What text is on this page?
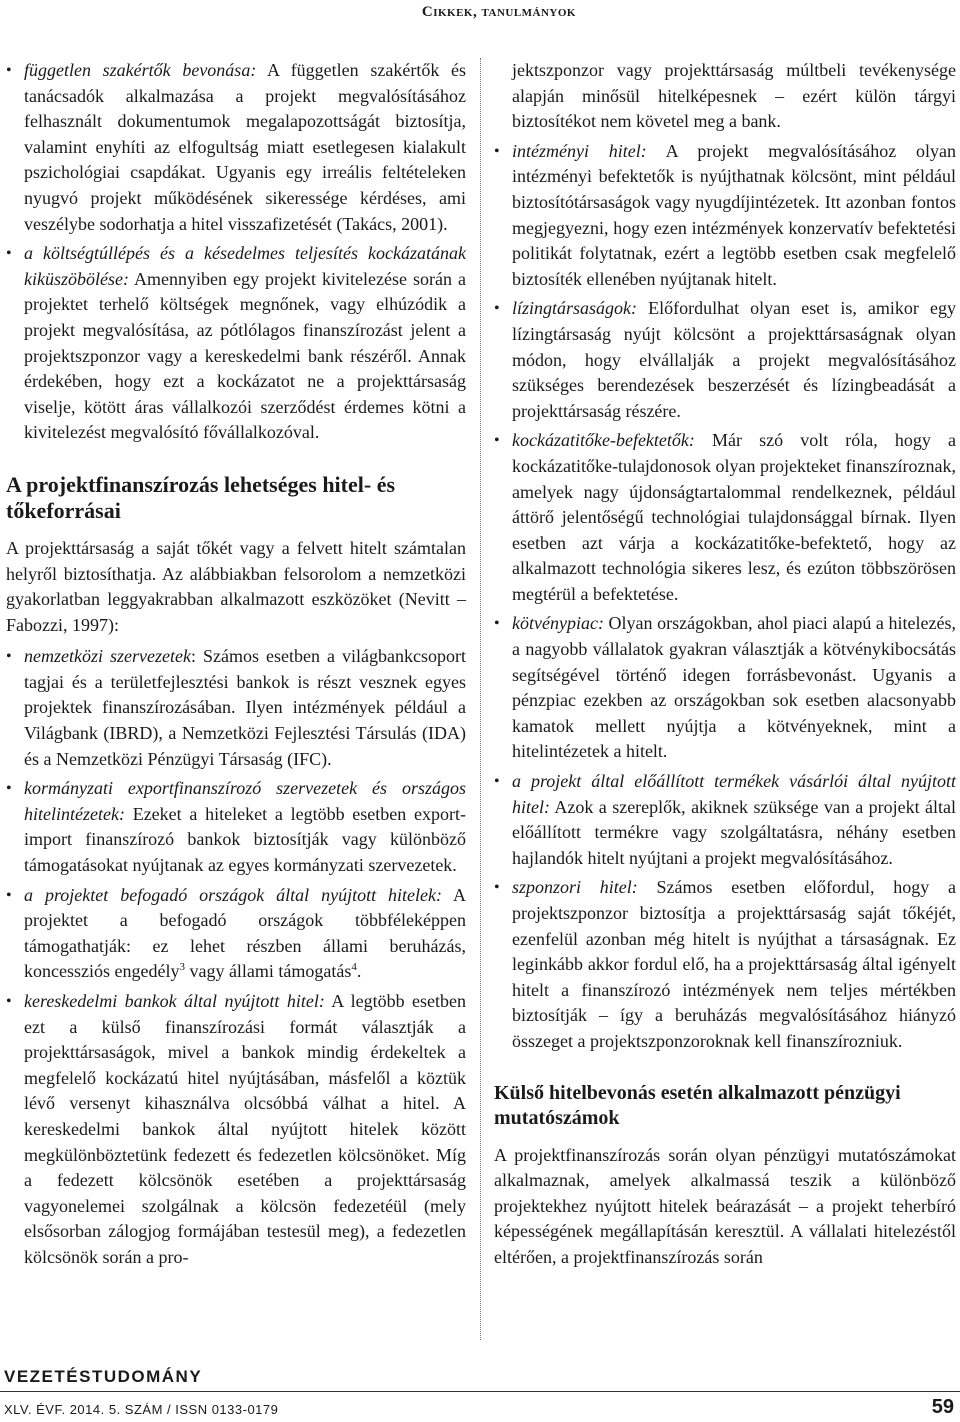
Cikkek, tanulmányok
• független szakértők bevonása: A független szakértők és tanácsadók alkalmazása a projekt megvalósításához felhasznált dokumentumok megalapozottságát biztosítja, valamint enyhíti az elfogultság miatt esetlegesen kialakult pszichológiai csapdákat. Ugyanis egy irreális feltételeken nyugvó projekt működésének sikeressége kérdéses, ami veszélybe sodorhatja a hitel visszafizetését (Takács, 2001).
• a költségtúllépés és a késedelmes teljesítés kockázatának kiküszöbölése: Amennyiben egy projekt kivitelezése során a projektet terhelő költségek megnőnek, vagy elhúzódik a projekt megvalósítása, az pótlólagos finanszírozást jelent a projektszponzor vagy a kereskedelmi bank részéről. Annak érdekében, hogy ezt a kockázatot ne a projekttársaság viselje, kötött áras vállalkozói szerződést érdemes kötni a kivitelezést megvalósító fővállalkozóval.
A projektfinanszírozás lehetséges hitel- és tőkeforrásai

A projekttársaság a saját tőkét vagy a felvett hitelt számtalan helyről biztosíthatja. Az alábbiakban felsorolom a nemzetközi gyakorlatban leggyakrabban alkalmazott eszközöket (Nevitt – Fabozzi, 1997):

• nemzetközi szervezetek: Számos esetben a világbankcsoport tagjai és a területfejlesztési bankok is részt vesznek egyes projektek finanszírozásában. Ilyen intézmények például a Világbank (IBRD), a Nemzetközi Fejlesztési Társulás (IDA) és a Nemzetközi Pénzügyi Társaság (IFC).
• kormányzati exportfinanszírozó szervezetek és országos hitelintézetek: Ezeket a hiteleket a legtöbb esetben export-import finanszírozó bankok biztosítják vagy különböző támogatásokat nyújtanak az egyes kormányzati szervezetek.
• a projektet befogadó országok által nyújtott hitelek: A projektet a befogadó országok többféleképpen támogathatják: ez lehet részben állami beruházás, koncessziós engedély$^3$ vagy állami támogatás$^4$.
• kereskedelmi bankok által nyújtott hitel: A legtöbb esetben ezt a külső finanszírozási formát választják a projekttársaságok, mivel a bankok mindig érdekeltek a megfelelő kockázatú hitel nyújtásában, másfelől a köztük lévő versenyt kihasználva olcsóbbá válhat a hitel. A kereskedelmi bankok által nyújtott hitelek között megkülönböztetünk fedezett és fedezetlen kölcsönöket. Míg a fedezett kölcsönök esetében a projekttársaság vagyonelemei szolgálnak a kölcsön fedezetéül (mely elsősorban zálogjog formájában testesül meg), a fedezetlen kölcsönök során a pro-
jektszponzor vagy projekttársaság múltbeli tevékenysége alapján minősül hitelképesnek – ezért külön tárgyi biztosítékot nem követel meg a bank.
• intézményi hitel: A projekt megvalósításához olyan intézményi befektetők is nyújthatnak kölcsönt, mint például biztosítótársaságok vagy nyugdíjintézetek. Itt azonban fontos megjegyezni, hogy ezen intézmények konzervatív befektetési politikát folytatnak, ezért a legtöbb esetben csak megfelelő biztosíték ellenében nyújtanak hitelt.
• lízingtársaságok: Előfordulhat olyan eset is, amikor egy lízingtársaság nyújt kölcsönt a projekttársaságnak olyan módon, hogy elvállalják a projekt megvalósításához szükséges berendezések beszerzését és lízingbeadását a projekttársaság részére.
• kockázatitőke-befektetők: Már szó volt róla, hogy a kockázatitőke-tulajdonosok olyan projekteket finanszíroznak, amelyek nagy újdonságtartalommal rendelkeznek, például áttörő jelentőségű technológiai tulajdonsággal bírnak. Ilyen esetben azt várja a kockázatitőke-befektető, hogy az alkalmazott technológia sikeres lesz, és ezúton többszörösen megtérül a befektetése.
• kötvénypiac: Olyan országokban, ahol piaci alapú a hitelezés, a nagyobb vállalatok gyakran választják a kötvénykibocsátás segítségével történő idegen forrásbevonást. Ugyanis a pénzpiac ezekben az országokban sok esetben alacsonyabb kamatok mellett nyújtja a kötvényeknek, mint a hitelintézetek a hitelt.
• a projekt által előállított termékek vásárlói által nyújtott hitel: Azok a szereplők, akiknek szüksége van a projekt által előállított termékre vagy szolgáltatásra, néhány esetben hajlandók hitelt nyújtani a projekt megvalósításához.
• szponzori hitel: Számos esetben előfordul, hogy a projektszponzor biztosítja a projekttársaság saját tőkéjét, ezenfelül azonban még hitelt is nyújthat a társaságnak. Ez leginkább akkor fordul elő, ha a projekttársaság által igényelt hitelt a finanszírozó intézmények nem teljes mértékben biztosítják – így a beruházás megvalósításához hiányzó összeget a projektszponzoroknak kell finanszírozniuk.
Külső hitelbevonás esetén alkalmazott pénzügyi mutatószámok

A projektfinanszírozás során olyan pénzügyi mutatószámokat alkalmaznak, amelyek alkalmassá teszik a különböző projektekhez nyújtott hitelek beárazását – a projekt teherbíró képességének megállapításán keresztül. A vállalati hitelezéstől eltérően, a projektfinanszírozás során

VEZETÉSTUDOMÁNY
XLV. ÉVF. 2014. 5. SZÁM / ISSN 0133-0179	59
